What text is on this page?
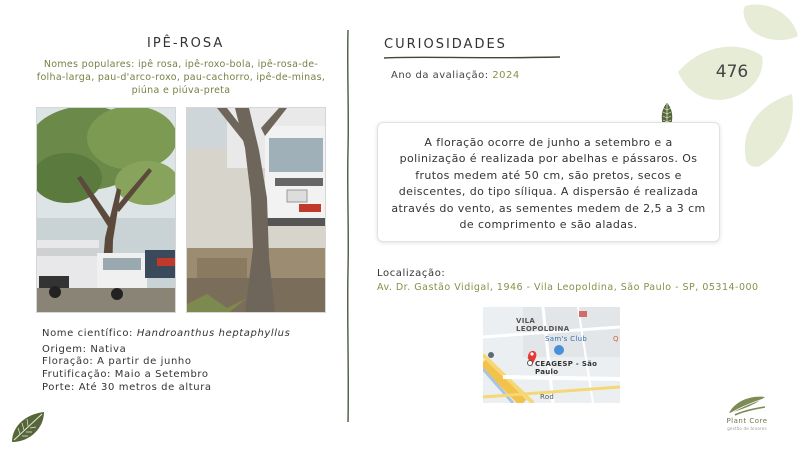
IPÊ-ROSA
Nomes populares: ipê rosa, ipê-roxo-bola, ipê-rosa-de-folha-larga, pau-d'arco-roxo, pau-cachorro, ipê-de-minas, piúna e piúva-preta
Nome científico: Handroanthus heptaphyllus
Origem: Nativa
Floração: A partir de junho
Frutificação: Maio a Setembro
Porte: Até 30 metros de altura
CURIOSIDADES
Ano da avaliação: 2024	476
A floração ocorre de junho a setembro e a polinização é realizada por abelhas e pássaros. Os frutos medem até 50 cm, são pretos, secos e deiscentes, do tipo síliqua. A dispersão é realizada através do vento, as sementes medem de 2,5 a 3 cm de comprimento e são aladas.
Localização:
Av. Dr. Gastão Vidigal, 1946 - Vila Leopoldina, São Paulo - SP, 05314-000
VILA
LEOPOLDINA
Sam's Club
CEAGESP - São Paulo
Rod
Q
Plant Core
gestão de árvores
